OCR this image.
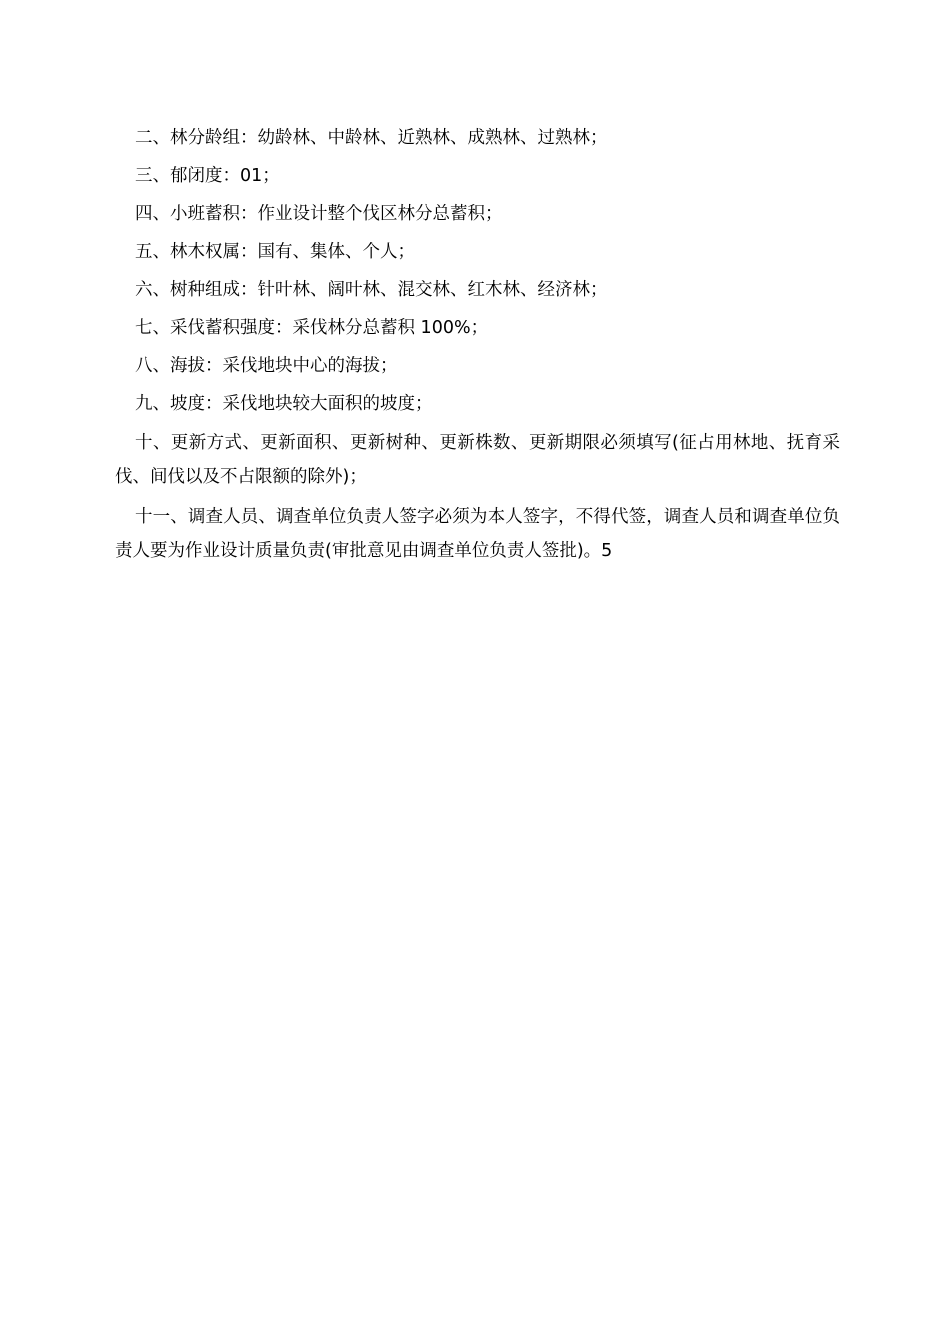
二、林分龄组：幼龄林、中龄林、近熟林、成熟林、过熟林；

三、郁闭度：01；

四、小班蓄积：作业设计整个伐区林分总蓄积；

五、林木权属：国有、集体、个人；

六、树种组成：针叶林、阔叶林、混交林、红木林、经济林；

七、采伐蓄积强度：采伐林分总蓄积 100%；

八、海拔：采伐地块中心的海拔；

九、坡度：采伐地块较大面积的坡度；

十、更新方式、更新面积、更新树种、更新株数、更新期限必须填写(征占用林地、抚育采伐、间伐以及不占限额的除外)；

十一、调查人员、调查单位负责人签字必须为本人签字，不得代签，调查人员和调查单位负责人要为作业设计质量负责(审批意见由调查单位负责人签批)。5
